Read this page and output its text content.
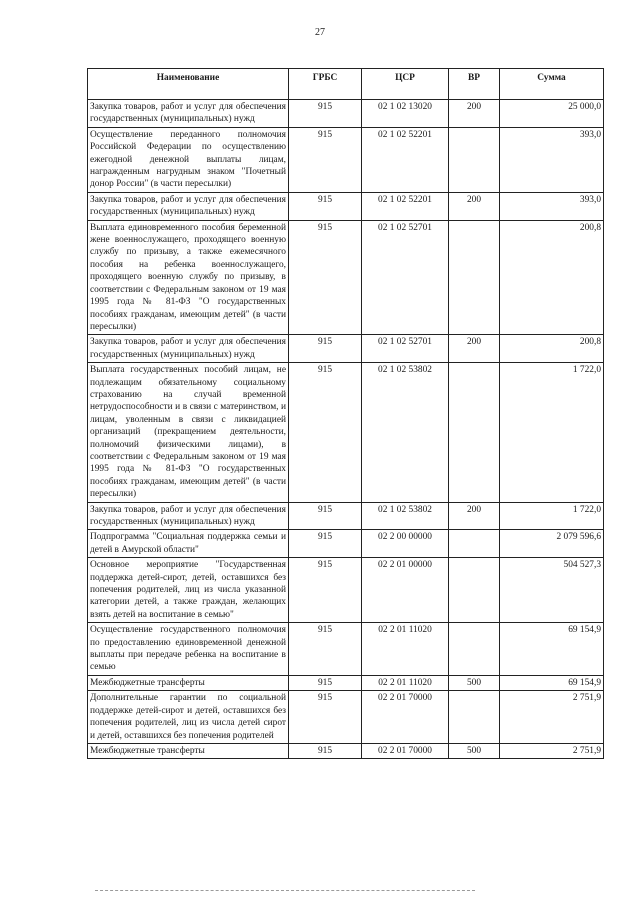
27
Наименование	ГРБС	ЦСР	ВР	Сумма
Закупка товаров, работ и услуг для обеспечения государственных (муниципальных) нужд	915	02 1 02 13020	200	25 000,0
Осуществление переданного полномочия Российской Федерации по осуществлению ежегодной денежной выплаты лицам, награжденным нагрудным знаком "Почетный донор России" (в части пересылки)	915	02 1 02 52201		393,0
Закупка товаров, работ и услуг для обеспечения государственных (муниципальных) нужд	915	02 1 02 52201	200	393,0
Выплата единовременного пособия беременной жене военнослужащего, проходящего военную службу по призыву, а также ежемесячного пособия на ребенка военнослужащего, проходящего военную службу по призыву, в соответствии с Федеральным законом от 19 мая 1995 года № 81-ФЗ "О государственных пособиях гражданам, имеющим детей" (в части пересылки)	915	02 1 02 52701		200,8
Закупка товаров, работ и услуг для обеспечения государственных (муниципальных) нужд	915	02 1 02 52701	200	200,8
Выплата государственных пособий лицам, не подлежащим обязательному социальному страхованию на случай временной нетрудоспособности и в связи с материнством, и лицам, уволенным в связи с ликвидацией организаций (прекращением деятельности, полномочий физическими лицами), в соответствии с Федеральным законом от 19 мая 1995 года № 81-ФЗ "О государственных пособиях гражданам, имеющим детей" (в части пересылки)	915	02 1 02 53802		1 722,0
Закупка товаров, работ и услуг для обеспечения государственных (муниципальных) нужд	915	02 1 02 53802	200	1 722,0
Подпрограмма "Социальная поддержка семьи и детей в Амурской области"	915	02 2 00 00000		2 079 596,6
Основное мероприятие "Государственная поддержка детей-сирот, детей, оставшихся без попечения родителей, лиц из числа указанной категории детей, а также граждан, желающих взять детей на воспитание в семью"	915	02 2 01 00000		504 527,3
Осуществление государственного полномочия по предоставлению единовременной денежной выплаты при передаче ребенка на воспитание в семью	915	02 2 01 11020		69 154,9
Межбюджетные трансферты	915	02 2 01 11020	500	69 154,9
Дополнительные гарантии по социальной поддержке детей-сирот и детей, оставшихся без попечения родителей, лиц из числа детей сирот и детей, оставшихся без попечения родителей	915	02 2 01 70000		2 751,9
Межбюджетные трансферты	915	02 2 01 70000	500	2 751,9
